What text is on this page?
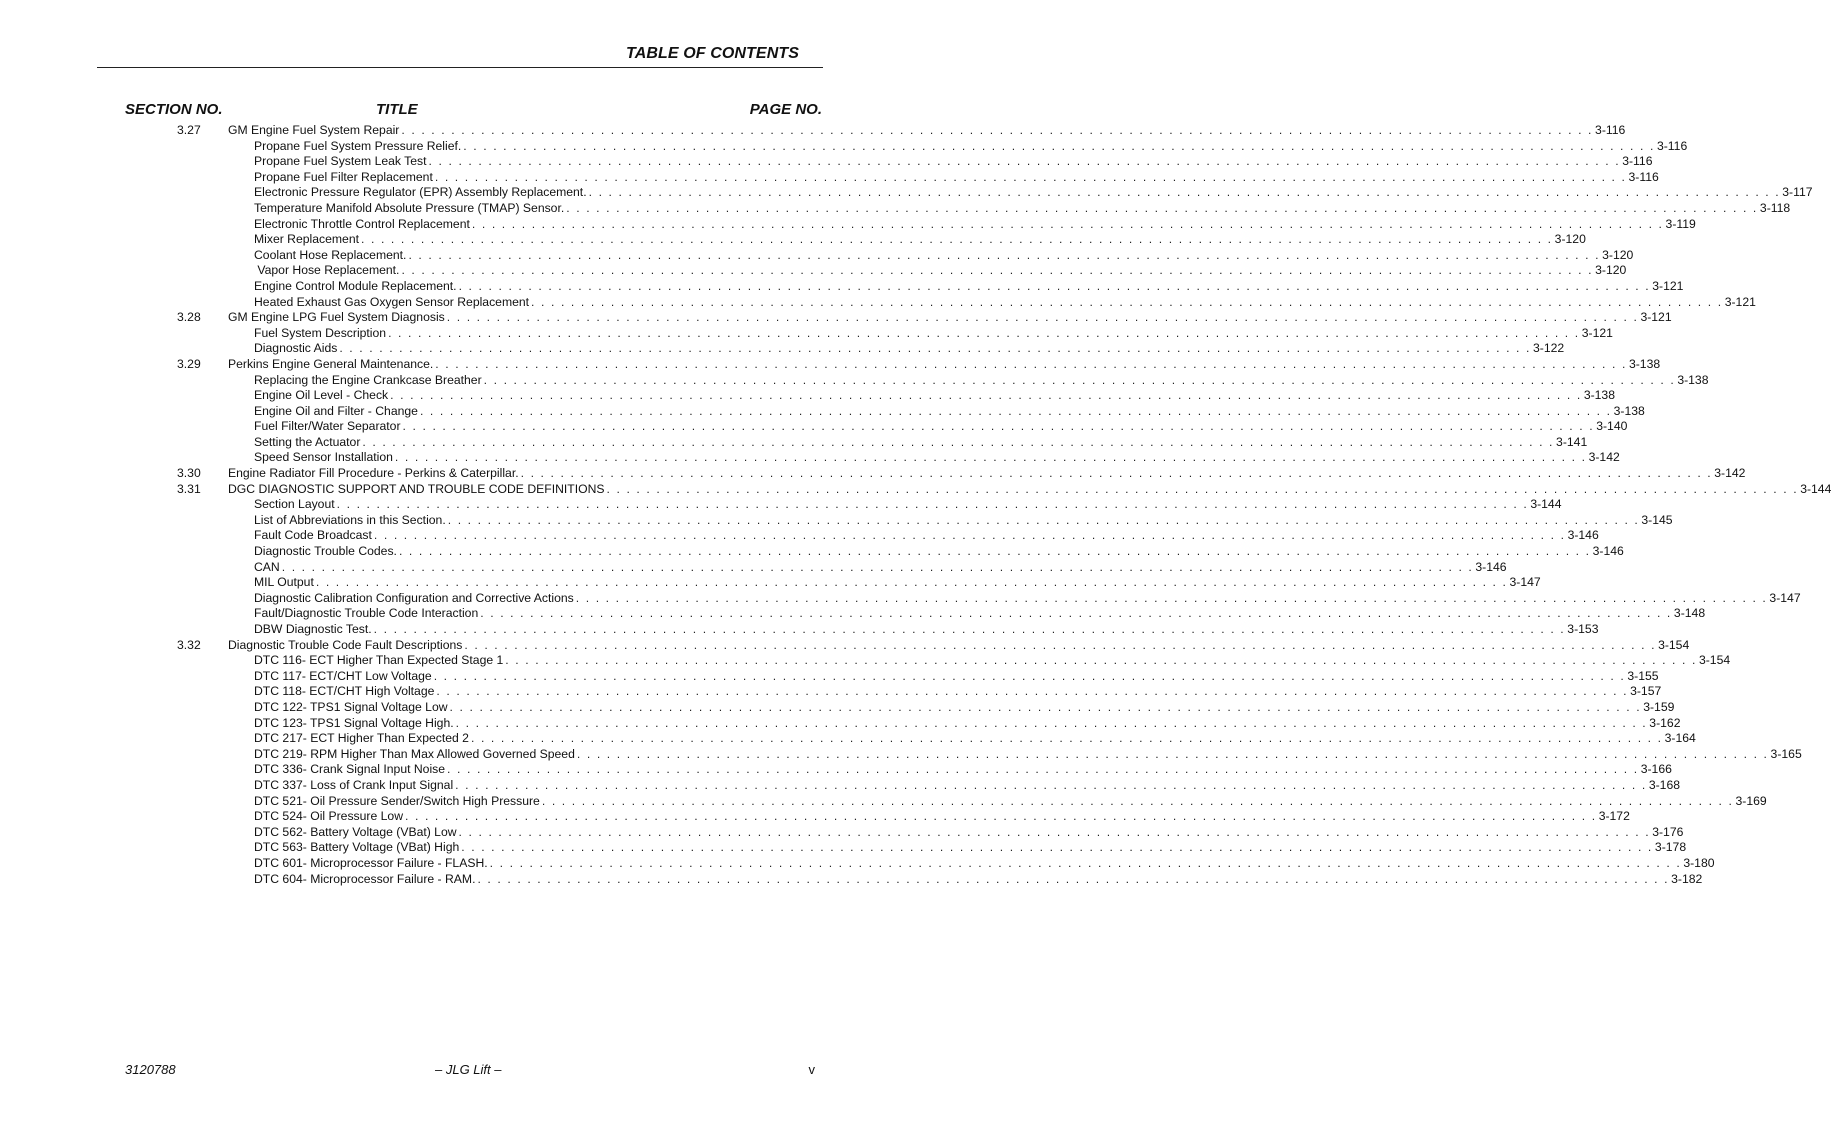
TABLE OF CONTENTS
SECTION NO.	TITLE	PAGE NO.
3.27 GM Engine Fuel System Repair . . . . . . . . . . . . . . . . . . . . . . . . . . . . . . . . . . . . . . . . . . . . . . . . . . . . . . . . . . . . . . . . . . . . . . . . . . . . . . . . . . . . . . . . . . . . . . . . . . . . . . . . . . . . . . . . . . . . . . . . 3-116
Propane Fuel System Pressure Relief. . . . . . . . . . . . . . . . . . . . . . . . . . . . . . . . . . . . . . . . . . . . . . . . . . . . . . . . . . . . . . . . . . . . . . . . . . . . . . . . . . . . . . . . . . . . . . . . . . . . . . . . . . . . . . . . . . . . . . . . . 3-116
Propane Fuel System Leak Test . . . . . . . . . . . . . . . . . . . . . . . . . . . . . . . . . . . . . . . . . . . . . . . . . . . . . . . . . . . . . . . . . . . . . . . . . . . . . . . . . . . . . . . . . . . . . . . . . . . . . . . . . . . . . . . . . . . . . . . . 3-116
Propane Fuel Filter Replacement . . . . . . . . . . . . . . . . . . . . . . . . . . . . . . . . . . . . . . . . . . . . . . . . . . . . . . . . . . . . . . . . . . . . . . . . . . . . . . . . . . . . . . . . . . . . . . . . . . . . . . . . . . . . . . . . . . . . . . . . 3-116
Electronic Pressure Regulator (EPR) Assembly Replacement. . . . . . . . . . . . . . . . . . . . . . . . . . . . . . . . . . . . . . . . . . . . . . . . . . . . . . . . . . . . . . . . . . . . . . . . . . . . . . . . . . . . . . . . . . . . . . . . . . . . . . . . . . . . . . . . . . . . . . . . . 3-117
Temperature Manifold Absolute Pressure (TMAP) Sensor. . . . . . . . . . . . . . . . . . . . . . . . . . . . . . . . . . . . . . . . . . . . . . . . . . . . . . . . . . . . . . . . . . . . . . . . . . . . . . . . . . . . . . . . . . . . . . . . . . . . . . . . . . . . . . . . . . . . . . . . . 3-118
Electronic Throttle Control Replacement . . . . . . . . . . . . . . . . . . . . . . . . . . . . . . . . . . . . . . . . . . . . . . . . . . . . . . . . . . . . . . . . . . . . . . . . . . . . . . . . . . . . . . . . . . . . . . . . . . . . . . . . . . . . . . . . . . . . . . . . 3-119
Mixer Replacement . . . . . . . . . . . . . . . . . . . . . . . . . . . . . . . . . . . . . . . . . . . . . . . . . . . . . . . . . . . . . . . . . . . . . . . . . . . . . . . . . . . . . . . . . . . . . . . . . . . . . . . . . . . . . . . . . . . . . . . . 3-120
Coolant Hose Replacement. . . . . . . . . . . . . . . . . . . . . . . . . . . . . . . . . . . . . . . . . . . . . . . . . . . . . . . . . . . . . . . . . . . . . . . . . . . . . . . . . . . . . . . . . . . . . . . . . . . . . . . . . . . . . . . . . . . . . . . . . 3-120
Vapor Hose Replacement. . . . . . . . . . . . . . . . . . . . . . . . . . . . . . . . . . . . . . . . . . . . . . . . . . . . . . . . . . . . . . . . . . . . . . . . . . . . . . . . . . . . . . . . . . . . . . . . . . . . . . . . . . . . . . . . . . . . . . . . . 3-120
Engine Control Module Replacement. . . . . . . . . . . . . . . . . . . . . . . . . . . . . . . . . . . . . . . . . . . . . . . . . . . . . . . . . . . . . . . . . . . . . . . . . . . . . . . . . . . . . . . . . . . . . . . . . . . . . . . . . . . . . . . . . . . . . . . . . 3-121
Heated Exhaust Gas Oxygen Sensor Replacement . . . . . . . . . . . . . . . . . . . . . . . . . . . . . . . . . . . . . . . . . . . . . . . . . . . . . . . . . . . . . . . . . . . . . . . . . . . . . . . . . . . . . . . . . . . . . . . . . . . . . . . . . . . . . . . . . . . . . . . . 3-121
3.28 GM Engine LPG Fuel System Diagnosis . . . . . . . . . . . . . . . . . . . . . . . . . . . . . . . . . . . . . . . . . . . . . . . . . . . . . . . . . . . . . . . . . . . . . . . . . . . . . . . . . . . . . . . . . . . . . . . . . . . . . . . . . . . . . . . . . . . . . . . . 3-121
Fuel System Description . . . . . . . . . . . . . . . . . . . . . . . . . . . . . . . . . . . . . . . . . . . . . . . . . . . . . . . . . . . . . . . . . . . . . . . . . . . . . . . . . . . . . . . . . . . . . . . . . . . . . . . . . . . . . . . . . . . . . . . . 3-121
Diagnostic Aids . . . . . . . . . . . . . . . . . . . . . . . . . . . . . . . . . . . . . . . . . . . . . . . . . . . . . . . . . . . . . . . . . . . . . . . . . . . . . . . . . . . . . . . . . . . . . . . . . . . . . . . . . . . . . . . . . . . . . . . . 3-122
3.29 Perkins Engine General Maintenance. . . . . . . . . . . . . . . . . . . . . . . . . . . . . . . . . . . . . . . . . . . . . . . . . . . . . . . . . . . . . . . . . . . . . . . . . . . . . . . . . . . . . . . . . . . . . . . . . . . . . . . . . . . . . . . . . . . . . . . . . 3-138
Replacing the Engine Crankcase Breather . . . . . . . . . . . . . . . . . . . . . . . . . . . . . . . . . . . . . . . . . . . . . . . . . . . . . . . . . . . . . . . . . . . . . . . . . . . . . . . . . . . . . . . . . . . . . . . . . . . . . . . . . . . . . . . . . . . . . . . . 3-138
Engine Oil Level - Check . . . . . . . . . . . . . . . . . . . . . . . . . . . . . . . . . . . . . . . . . . . . . . . . . . . . . . . . . . . . . . . . . . . . . . . . . . . . . . . . . . . . . . . . . . . . . . . . . . . . . . . . . . . . . . . . . . . . . . . . 3-138
Engine Oil and Filter - Change . . . . . . . . . . . . . . . . . . . . . . . . . . . . . . . . . . . . . . . . . . . . . . . . . . . . . . . . . . . . . . . . . . . . . . . . . . . . . . . . . . . . . . . . . . . . . . . . . . . . . . . . . . . . . . . . . . . . . . . . 3-138
Fuel Filter/Water Separator . . . . . . . . . . . . . . . . . . . . . . . . . . . . . . . . . . . . . . . . . . . . . . . . . . . . . . . . . . . . . . . . . . . . . . . . . . . . . . . . . . . . . . . . . . . . . . . . . . . . . . . . . . . . . . . . . . . . . . . . 3-140
Setting the Actuator . . . . . . . . . . . . . . . . . . . . . . . . . . . . . . . . . . . . . . . . . . . . . . . . . . . . . . . . . . . . . . . . . . . . . . . . . . . . . . . . . . . . . . . . . . . . . . . . . . . . . . . . . . . . . . . . . . . . . . . . 3-141
Speed Sensor Installation . . . . . . . . . . . . . . . . . . . . . . . . . . . . . . . . . . . . . . . . . . . . . . . . . . . . . . . . . . . . . . . . . . . . . . . . . . . . . . . . . . . . . . . . . . . . . . . . . . . . . . . . . . . . . . . . . . . . . . . . 3-142
3.30 Engine Radiator Fill Procedure - Perkins & Caterpillar. . . . . . . . . . . . . . . . . . . . . . . . . . . . . . . . . . . . . . . . . . . . . . . . . . . . . . . . . . . . . . . . . . . . . . . . . . . . . . . . . . . . . . . . . . . . . . . . . . . . . . . . . . . . . . . . . . . . . . . . . 3-142
3.31 DGC DIAGNOSTIC SUPPORT AND TROUBLE CODE DEFINITIONS . . . . . . . . . . . . . . . . . . . . . . . . . . . . . . . . . . . . . . . . . . . . . . . . . . . . . . . . . . . . . . . . . . . . . . . . . . . . . . . . . . . . . . . . . . . . . . . . . . . . . . . . . . . . . . . . . . . . . . . . 3-144
Section Layout . . . . . . . . . . . . . . . . . . . . . . . . . . . . . . . . . . . . . . . . . . . . . . . . . . . . . . . . . . . . . . . . . . . . . . . . . . . . . . . . . . . . . . . . . . . . . . . . . . . . . . . . . . . . . . . . . . . . . . . . 3-144
List of Abbreviations in this Section. . . . . . . . . . . . . . . . . . . . . . . . . . . . . . . . . . . . . . . . . . . . . . . . . . . . . . . . . . . . . . . . . . . . . . . . . . . . . . . . . . . . . . . . . . . . . . . . . . . . . . . . . . . . . . . . . . . . . . . . . 3-145
Fault Code Broadcast . . . . . . . . . . . . . . . . . . . . . . . . . . . . . . . . . . . . . . . . . . . . . . . . . . . . . . . . . . . . . . . . . . . . . . . . . . . . . . . . . . . . . . . . . . . . . . . . . . . . . . . . . . . . . . . . . . . . . . . . 3-146
Diagnostic Trouble Codes. . . . . . . . . . . . . . . . . . . . . . . . . . . . . . . . . . . . . . . . . . . . . . . . . . . . . . . . . . . . . . . . . . . . . . . . . . . . . . . . . . . . . . . . . . . . . . . . . . . . . . . . . . . . . . . . . . . . . . . . . 3-146
CAN . . . . . . . . . . . . . . . . . . . . . . . . . . . . . . . . . . . . . . . . . . . . . . . . . . . . . . . . . . . . . . . . . . . . . . . . . . . . . . . . . . . . . . . . . . . . . . . . . . . . . . . . . . . . . . . . . . . . . . . . 3-146
MIL Output . . . . . . . . . . . . . . . . . . . . . . . . . . . . . . . . . . . . . . . . . . . . . . . . . . . . . . . . . . . . . . . . . . . . . . . . . . . . . . . . . . . . . . . . . . . . . . . . . . . . . . . . . . . . . . . . . . . . . . . . 3-147
Diagnostic Calibration Configuration and Corrective Actions . . . . . . . . . . . . . . . . . . . . . . . . . . . . . . . . . . . . . . . . . . . . . . . . . . . . . . . . . . . . . . . . . . . . . . . . . . . . . . . . . . . . . . . . . . . . . . . . . . . . . . . . . . . . . . . . . . . . . . . . 3-147
Fault/Diagnostic Trouble Code Interaction . . . . . . . . . . . . . . . . . . . . . . . . . . . . . . . . . . . . . . . . . . . . . . . . . . . . . . . . . . . . . . . . . . . . . . . . . . . . . . . . . . . . . . . . . . . . . . . . . . . . . . . . . . . . . . . . . . . . . . . . 3-148
DBW Diagnostic Test. . . . . . . . . . . . . . . . . . . . . . . . . . . . . . . . . . . . . . . . . . . . . . . . . . . . . . . . . . . . . . . . . . . . . . . . . . . . . . . . . . . . . . . . . . . . . . . . . . . . . . . . . . . . . . . . . . . . . . . . . 3-153
3.32 Diagnostic Trouble Code Fault Descriptions . . . . . . . . . . . . . . . . . . . . . . . . . . . . . . . . . . . . . . . . . . . . . . . . . . . . . . . . . . . . . . . . . . . . . . . . . . . . . . . . . . . . . . . . . . . . . . . . . . . . . . . . . . . . . . . . . . . . . . . . 3-154
DTC 116- ECT Higher Than Expected Stage 1 . . . . . . . . . . . . . . . . . . . . . . . . . . . . . . . . . . . . . . . . . . . . . . . . . . . . . . . . . . . . . . . . . . . . . . . . . . . . . . . . . . . . . . . . . . . . . . . . . . . . . . . . . . . . . . . . . . . . . . . . 3-154
DTC 117- ECT/CHT Low Voltage . . . . . . . . . . . . . . . . . . . . . . . . . . . . . . . . . . . . . . . . . . . . . . . . . . . . . . . . . . . . . . . . . . . . . . . . . . . . . . . . . . . . . . . . . . . . . . . . . . . . . . . . . . . . . . . . . . . . . . . . 3-155
DTC 118- ECT/CHT High Voltage . . . . . . . . . . . . . . . . . . . . . . . . . . . . . . . . . . . . . . . . . . . . . . . . . . . . . . . . . . . . . . . . . . . . . . . . . . . . . . . . . . . . . . . . . . . . . . . . . . . . . . . . . . . . . . . . . . . . . . . . 3-157
DTC 122- TPS1 Signal Voltage Low . . . . . . . . . . . . . . . . . . . . . . . . . . . . . . . . . . . . . . . . . . . . . . . . . . . . . . . . . . . . . . . . . . . . . . . . . . . . . . . . . . . . . . . . . . . . . . . . . . . . . . . . . . . . . . . . . . . . . . . . 3-159
DTC 123- TPS1 Signal Voltage High. . . . . . . . . . . . . . . . . . . . . . . . . . . . . . . . . . . . . . . . . . . . . . . . . . . . . . . . . . . . . . . . . . . . . . . . . . . . . . . . . . . . . . . . . . . . . . . . . . . . . . . . . . . . . . . . . . . . . . . . . 3-162
DTC 217- ECT Higher Than Expected 2 . . . . . . . . . . . . . . . . . . . . . . . . . . . . . . . . . . . . . . . . . . . . . . . . . . . . . . . . . . . . . . . . . . . . . . . . . . . . . . . . . . . . . . . . . . . . . . . . . . . . . . . . . . . . . . . . . . . . . . . . 3-164
DTC 219- RPM Higher Than Max Allowed Governed Speed . . . . . . . . . . . . . . . . . . . . . . . . . . . . . . . . . . . . . . . . . . . . . . . . . . . . . . . . . . . . . . . . . . . . . . . . . . . . . . . . . . . . . . . . . . . . . . . . . . . . . . . . . . . . . . . . . . . . . . . . 3-165
DTC 336- Crank Signal Input Noise . . . . . . . . . . . . . . . . . . . . . . . . . . . . . . . . . . . . . . . . . . . . . . . . . . . . . . . . . . . . . . . . . . . . . . . . . . . . . . . . . . . . . . . . . . . . . . . . . . . . . . . . . . . . . . . . . . . . . . . . 3-166
DTC 337- Loss of Crank Input Signal . . . . . . . . . . . . . . . . . . . . . . . . . . . . . . . . . . . . . . . . . . . . . . . . . . . . . . . . . . . . . . . . . . . . . . . . . . . . . . . . . . . . . . . . . . . . . . . . . . . . . . . . . . . . . . . . . . . . . . . . 3-168
DTC 521- Oil Pressure Sender/Switch High Pressure . . . . . . . . . . . . . . . . . . . . . . . . . . . . . . . . . . . . . . . . . . . . . . . . . . . . . . . . . . . . . . . . . . . . . . . . . . . . . . . . . . . . . . . . . . . . . . . . . . . . . . . . . . . . . . . . . . . . . . . . 3-169
DTC 524- Oil Pressure Low . . . . . . . . . . . . . . . . . . . . . . . . . . . . . . . . . . . . . . . . . . . . . . . . . . . . . . . . . . . . . . . . . . . . . . . . . . . . . . . . . . . . . . . . . . . . . . . . . . . . . . . . . . . . . . . . . . . . . . . . 3-172
DTC 562- Battery Voltage (VBat) Low . . . . . . . . . . . . . . . . . . . . . . . . . . . . . . . . . . . . . . . . . . . . . . . . . . . . . . . . . . . . . . . . . . . . . . . . . . . . . . . . . . . . . . . . . . . . . . . . . . . . . . . . . . . . . . . . . . . . . . . . 3-176
DTC 563- Battery Voltage (VBat) High . . . . . . . . . . . . . . . . . . . . . . . . . . . . . . . . . . . . . . . . . . . . . . . . . . . . . . . . . . . . . . . . . . . . . . . . . . . . . . . . . . . . . . . . . . . . . . . . . . . . . . . . . . . . . . . . . . . . . . . . 3-178
DTC 601- Microprocessor Failure - FLASH. . . . . . . . . . . . . . . . . . . . . . . . . . . . . . . . . . . . . . . . . . . . . . . . . . . . . . . . . . . . . . . . . . . . . . . . . . . . . . . . . . . . . . . . . . . . . . . . . . . . . . . . . . . . . . . . . . . . . . . . . 3-180
DTC 604- Microprocessor Failure - RAM. . . . . . . . . . . . . . . . . . . . . . . . . . . . . . . . . . . . . . . . . . . . . . . . . . . . . . . . . . . . . . . . . . . . . . . . . . . . . . . . . . . . . . . . . . . . . . . . . . . . . . . . . . . . . . . . . . . . . . . . . 3-182
3120788	– JLG Lift –	v
